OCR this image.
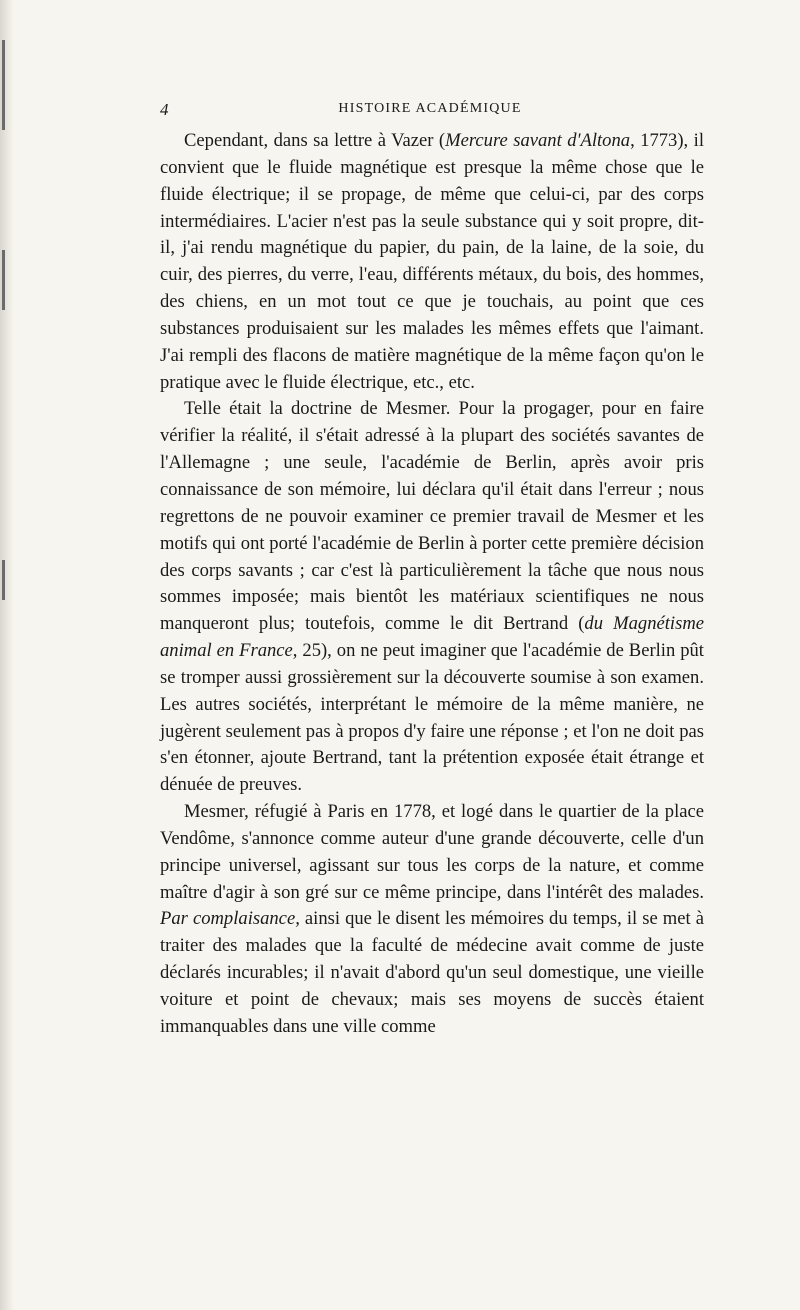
4	HISTOIRE ACADÉMIQUE

Cependant, dans sa lettre à Vazer (Mercure savant d'Altona, 1773), il convient que le fluide magnétique est presque la même chose que le fluide électrique; il se propage, de même que celui-ci, par des corps intermédiaires. L'acier n'est pas la seule substance qui y soit propre, dit-il, j'ai rendu magnétique du papier, du pain, de la laine, de la soie, du cuir, des pierres, du verre, l'eau, différents métaux, du bois, des hommes, des chiens, en un mot tout ce que je touchais, au point que ces substances produisaient sur les malades les mêmes effets que l'aimant. J'ai rempli des flacons de matière magnétique de la même façon qu'on le pratique avec le fluide électrique, etc., etc.

Telle était la doctrine de Mesmer. Pour la progager, pour en faire vérifier la réalité, il s'était adressé à la plupart des sociétés savantes de l'Allemagne ; une seule, l'académie de Berlin, après avoir pris connaissance de son mémoire, lui déclara qu'il était dans l'erreur ; nous regrettons de ne pouvoir examiner ce premier travail de Mesmer et les motifs qui ont porté l'académie de Berlin à porter cette première décision des corps savants ; car c'est là particulièrement la tâche que nous nous sommes imposée; mais bientôt les matériaux scientifiques ne nous manqueront plus; toutefois, comme le dit Bertrand (du Magnétisme animal en France, 25), on ne peut imaginer que l'académie de Berlin pût se tromper aussi grossièrement sur la découverte soumise à son examen. Les autres sociétés, interprétant le mémoire de la même manière, ne jugèrent seulement pas à propos d'y faire une réponse ; et l'on ne doit pas s'en étonner, ajoute Bertrand, tant la prétention exposée était étrange et dénuée de preuves.

Mesmer, réfugié à Paris en 1778, et logé dans le quartier de la place Vendôme, s'annonce comme auteur d'une grande découverte, celle d'un principe universel, agissant sur tous les corps de la nature, et comme maître d'agir à son gré sur ce même principe, dans l'intérêt des malades. Par complaisance, ainsi que le disent les mémoires du temps, il se met à traiter des malades que la faculté de médecine avait comme de juste déclarés incurables; il n'avait d'abord qu'un seul domestique, une vieille voiture et point de chevaux; mais ses moyens de succès étaient immanquables dans une ville comme
